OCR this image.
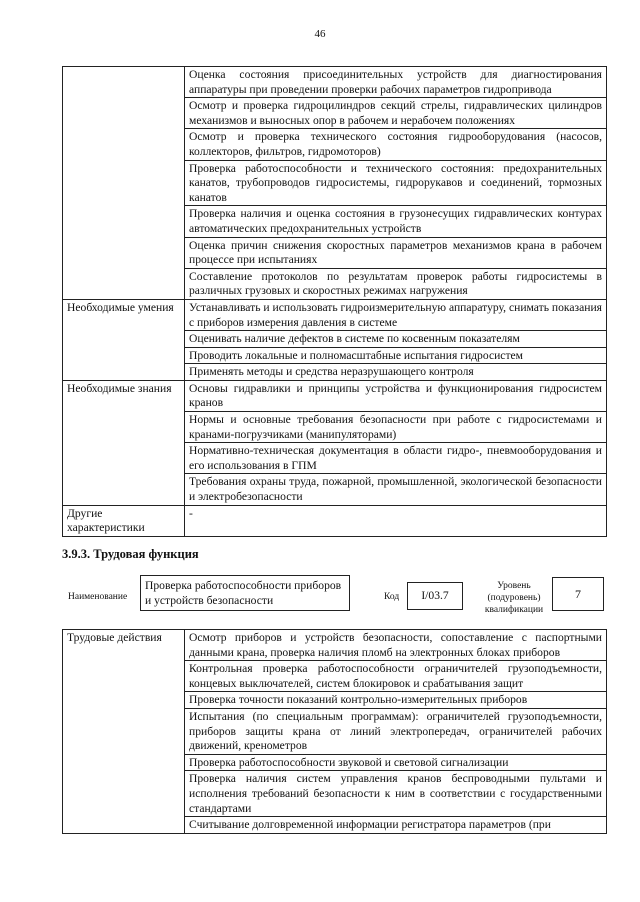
46
	Оценка состояния присоединительных устройств для диагностирования аппаратуры при проведении проверки рабочих параметров гидропривода
	Осмотр и проверка гидроцилиндров секций стрелы, гидравлических цилиндров механизмов и выносных опор в рабочем и нерабочем положениях
	Осмотр и проверка технического состояния гидрооборудования (насосов, коллекторов, фильтров, гидромоторов)
	Проверка работоспособности и технического состояния: предохранительных канатов, трубопроводов гидросистемы, гидрорукавов и соединений, тормозных канатов
	Проверка наличия и оценка состояния в грузонесущих гидравлических контурах автоматических предохранительных устройств
	Оценка причин снижения скоростных параметров механизмов крана в рабочем процессе при испытаниях
	Составление протоколов по результатам проверок работы гидросистемы в различных грузовых и скоростных режимах нагружения
Необходимые умения	Устанавливать и использовать гидроизмерительную аппаратуру, снимать показания с приборов измерения давления в системе
	Оценивать наличие дефектов в системе по косвенным показателям
	Проводить локальные и полномасштабные испытания гидросистем
	Применять методы и средства неразрушающего контроля
Необходимые знания	Основы гидравлики и принципы устройства и функционирования гидросистем кранов
	Нормы и основные требования безопасности при работе с гидросистемами и кранами-погрузчиками (манипуляторами)
	Нормативно-техническая документация в области гидро-, пневмооборудования и его использования в ГПМ
	Требования охраны труда, пожарной, промышленной, экологической безопасности и электробезопасности
Другие характеристики	-
3.9.3. Трудовая функция
Наименование
Проверка работоспособности приборов и устройств безопасности	Код	I/03.7
Уровень (подуровень) квалификации
7
Трудовые действия	Осмотр приборов и устройств безопасности, сопоставление с паспортными данными крана, проверка наличия пломб на электронных блоках приборов
Контрольная проверка работоспособности ограничителей грузоподъемности, концевых выключателей, систем блокировок и срабатывания защит
Проверка точности показаний контрольно-измерительных приборов
Испытания (по специальным программам): ограничителей грузоподъемности, приборов защиты крана от линий электропередач, ограничителей рабочих движений, кренометров
Проверка работоспособности звуковой и световой сигнализации
Проверка наличия систем управления кранов беспроводными пультами и исполнения требований безопасности к ним в соответствии с государственными стандартами
Считывание долговременной информации регистратора параметров (при
